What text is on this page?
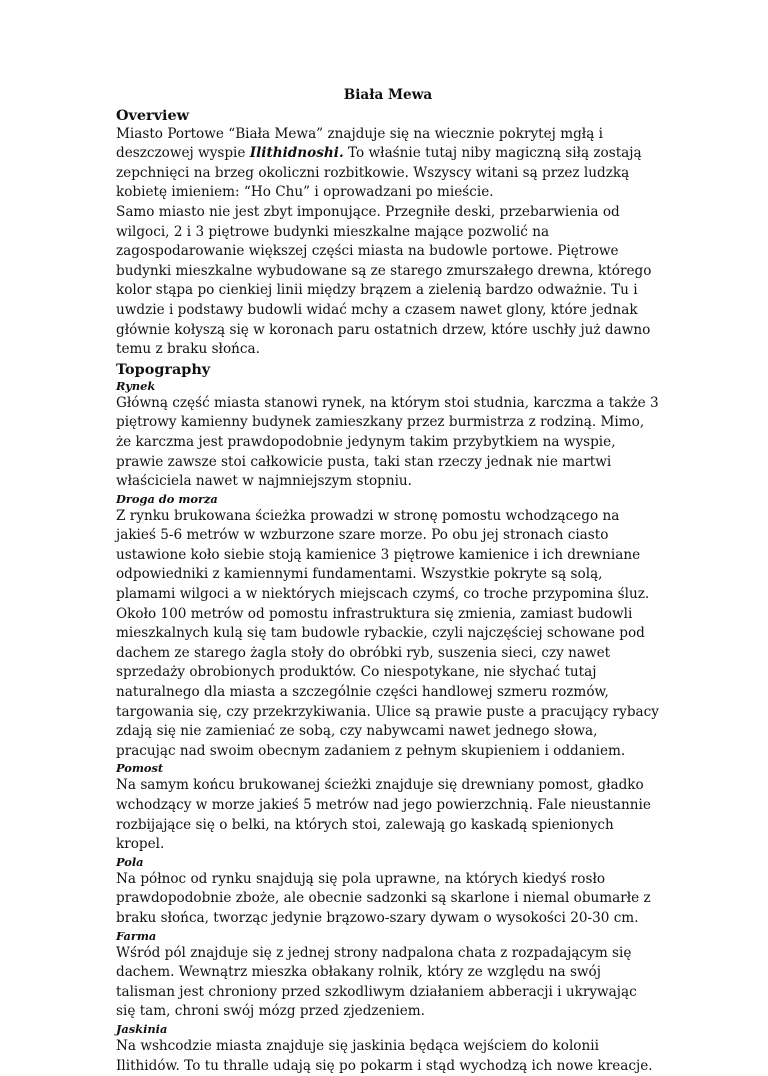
Biała Mewa
Overview

Miasto Portowe “Biała Mewa” znajduje się na wiecznie pokrytej mgłą i deszczowej wyspie Ilithidnoshi. To właśnie tutaj niby magiczną siłą zostają zepchnięci na brzeg okoliczni rozbitkowie. Wszyscy witani są przez ludzką kobietę imieniem: “Ho Chu” i oprowadzani po mieście.

Samo miasto nie jest zbyt imponujące. Przegniłe deski, przebarwienia od wilgoci, 2 i 3 piętrowe budynki mieszkalne mające pozwolić na zagospodarowanie większej części miasta na budowle portowe. Piętrowe budynki mieszkalne wybudowane są ze starego zmurszałego drewna, którego kolor stąpa po cienkiej linii między brązem a zielenią bardzo odważnie. Tu i uwdzie i podstawy budowli widać mchy a czasem nawet glony, które jednak głównie kołyszą się w koronach paru ostatnich drzew, które uschły już dawno temu z braku słońca.

Topography
Rynek

Główną część miasta stanowi rynek, na którym stoi studnia, karczma a także 3 piętrowy kamienny budynek zamieszkany przez burmistrza z rodziną. Mimo, że karczma jest prawdopodobnie jedynym takim przybytkiem na wyspie, prawie zawsze stoi całkowicie pusta, taki stan rzeczy jednak nie martwi właściciela nawet w najmniejszym stopniu.

Droga do morza

Z rynku brukowana ścieżka prowadzi w stronę pomostu wchodzącego na jakieś 5-6 metrów w wzburzone szare morze. Po obu jej stronach ciasto ustawione koło siebie stoją kamienice 3 piętrowe kamienice i ich drewniane odpowiedniki z kamiennymi fundamentami. Wszystkie pokryte są solą, plamami wilgoci a w niektórych miejscach czymś, co troche przypomina śluz. Około 100 metrów od pomostu infrastruktura się zmienia, zamiast budowli mieszkalnych kulą się tam budowle rybackie, czyli najczęściej schowane pod dachem ze starego żagla stoły do obróbki ryb, suszenia sieci, czy nawet sprzedaży obrobionych produktów. Co niespotykane, nie słychać tutaj naturalnego dla miasta a szczególnie części handlowej szmeru rozmów, targowania się, czy przekrzykiwania. Ulice są prawie puste a pracujący rybacy zdają się nie zamieniać ze sobą, czy nabywcami nawet jednego słowa, pracując nad swoim obecnym zadaniem z pełnym skupieniem i oddaniem.

Pomost

Na samym końcu brukowanej ścieżki znajduje się drewniany pomost, gładko wchodzący w morze jakieś 5 metrów nad jego powierzchnią. Fale nieustannie rozbijające się o belki, na których stoi, zalewają go kaskadą spienionych kropel.

Pola

Na północ od rynku snajdują się pola uprawne, na których kiedyś rosło prawdopodobnie zboże, ale obecnie sadzonki są skarlone i niemal obumarłe z braku słońca, tworząc jedynie brązowo-szary dywam o wysokości 20-30 cm.

Farma

Wśród pól znajduje się z jednej strony nadpalona chata z rozpadającym się dachem. Wewnątrz mieszka obłakany rolnik, który ze względu na swój talisman jest chroniony przed szkodliwym działaniem abberacji i ukrywając się tam, chroni swój mózg przed zjedzeniem.

Jaskinia

Na wshcodzie miasta znajduje się jaskinia będąca wejściem do kolonii Ilithidów. To tu thralle udają się po pokarm i stąd wychodzą ich nowe kreacje.
